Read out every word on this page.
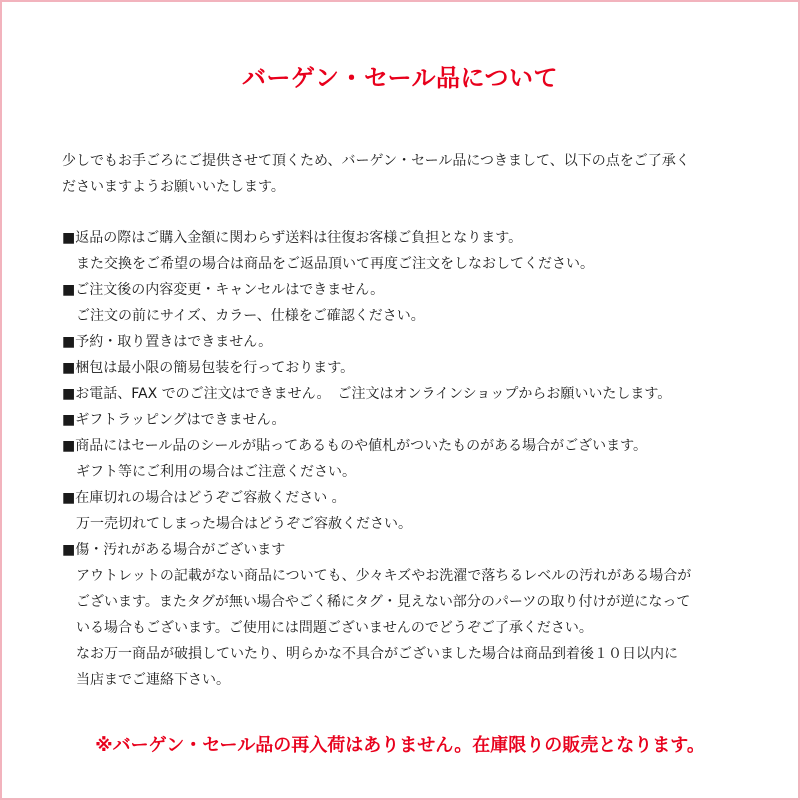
バーゲン・セール品について
少しでもお手ごろにご提供させて頂くため、バーゲン・セール品につきまして、以下の点をご了承く
ださいますようお願いいたします。
■返品の際はご購入金額に関わらず送料は往復お客様ご負担となります。
また交換をご希望の場合は商品をご返品頂いて再度ご注文をしなおしてください。
■ご注文後の内容変更・キャンセルはできません。
ご注文の前にサイズ、カラー、仕様をご確認ください。
■予約・取り置きはできません。
■梱包は最小限の簡易包装を行っております。
■お電話、FAX でのご注文はできません。　ご注文はオンラインショップからお願いいたします。
■ギフトラッピングはできません。
■商品にはセール品のシールが貼ってあるものや値札がついたものがある場合がございます。
ギフト等にご利用の場合はご注意ください。
■在庫切れの場合はどうぞご容赦ください 。
万一売切れてしまった場合はどうぞご容赦ください。
■傷・汚れがある場合がございます
アウトレットの記載がない商品についても、少々キズやお洗濯で落ちるレベルの汚れがある場合が
ございます。またタグが無い場合やごく稀にタグ・見えない部分のパーツの取り付けが逆になって
いる場合もございます。ご使用には問題ございませんのでどうぞご了承ください。
なお万一商品が破損していたり、明らかな不具合がございました場合は商品到着後１０日以内に
当店までご連絡下さい。
※バーゲン・セール品の再入荷はありません。在庫限りの販売となります。
